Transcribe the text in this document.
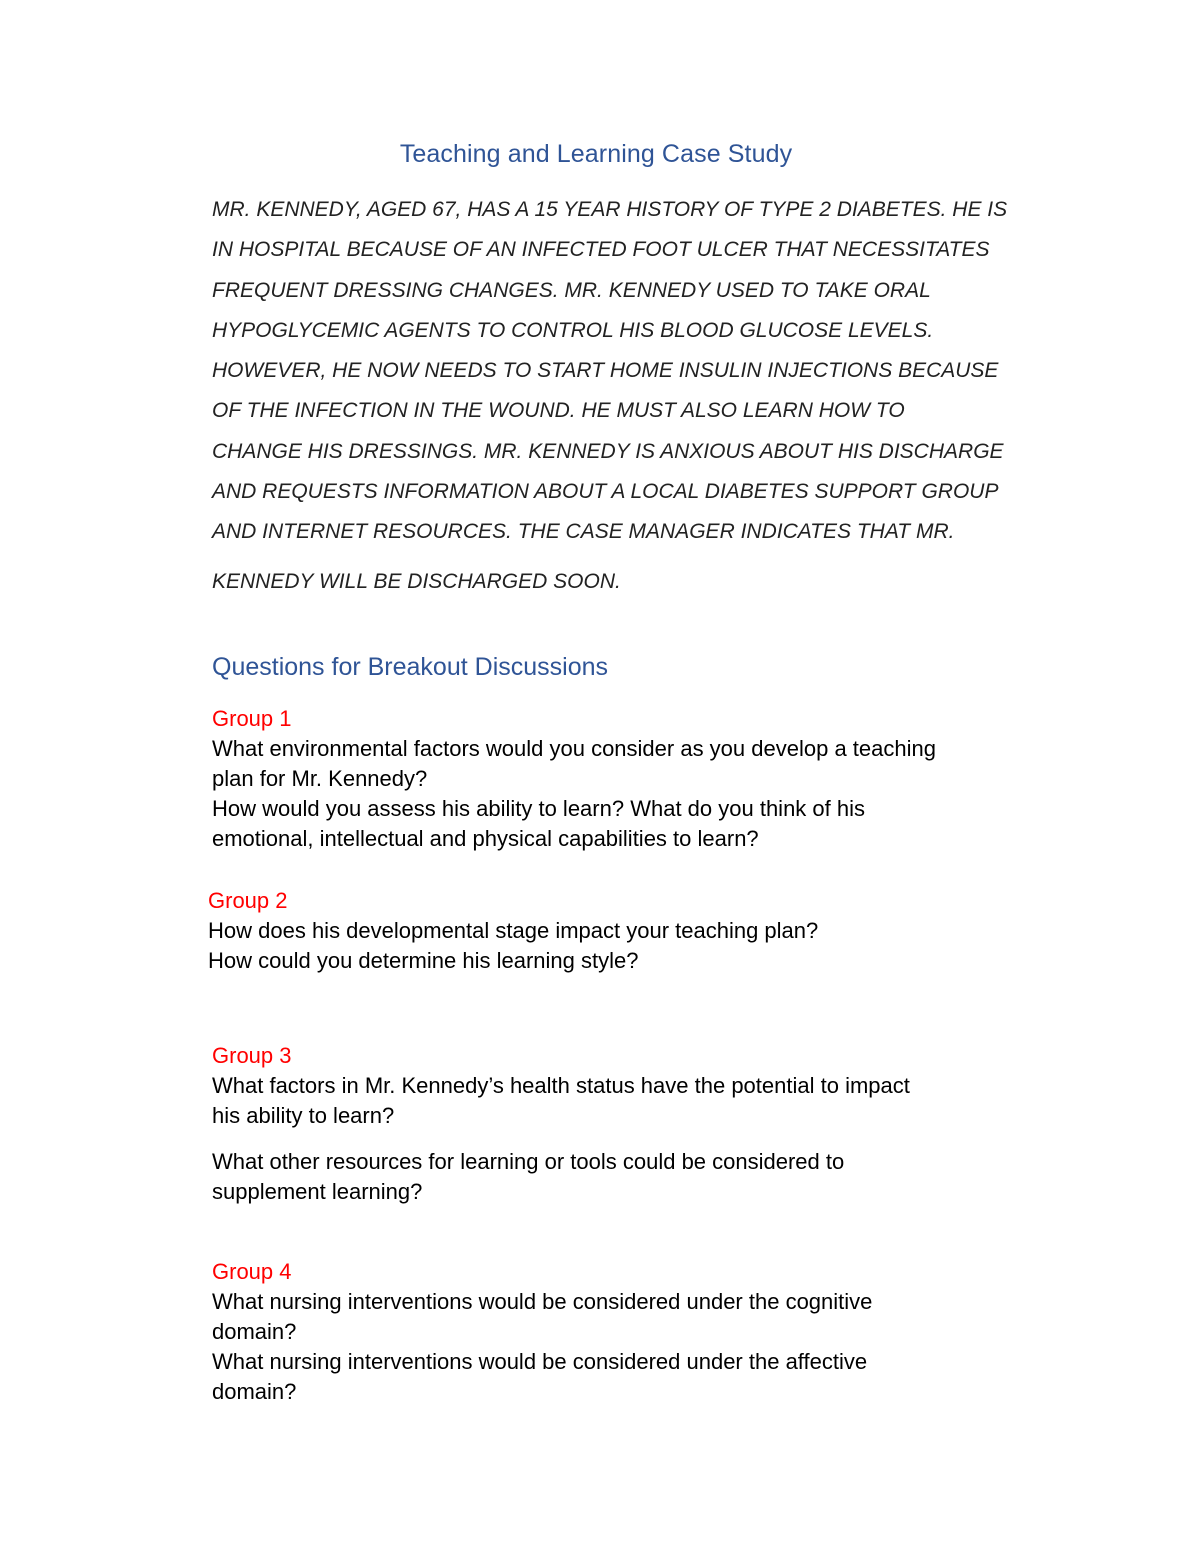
Teaching and Learning Case Study

MR. KENNEDY, AGED 67, HAS A 15 YEAR HISTORY OF TYPE 2 DIABETES. HE IS
IN HOSPITAL BECAUSE OF AN INFECTED FOOT ULCER THAT NECESSITATES
FREQUENT DRESSING CHANGES. MR. KENNEDY USED TO TAKE ORAL
HYPOGLYCEMIC AGENTS TO CONTROL HIS BLOOD GLUCOSE LEVELS.
HOWEVER, HE NOW NEEDS TO START HOME INSULIN INJECTIONS BECAUSE
OF THE INFECTION IN THE WOUND. HE MUST ALSO LEARN HOW TO
CHANGE HIS DRESSINGS. MR. KENNEDY IS ANXIOUS ABOUT HIS DISCHARGE
AND REQUESTS INFORMATION ABOUT A LOCAL DIABETES SUPPORT GROUP
AND INTERNET RESOURCES. THE CASE MANAGER INDICATES THAT MR.
KENNEDY WILL BE DISCHARGED SOON.

Questions for Breakout Discussions
Group 1
What environmental factors would you consider as you develop a teaching
plan for Mr. Kennedy?
How would you assess his ability to learn? What do you think of his
emotional, intellectual and physical capabilities to learn?
Group 2
How does his developmental stage impact your teaching plan?
How could you determine his learning style?
Group 3
What factors in Mr. Kennedy’s health status have the potential to impact
his ability to learn?
What other resources for learning or tools could be considered to
supplement learning?
Group 4
What nursing interventions would be considered under the cognitive
domain?
What nursing interventions would be considered under the affective
domain?
